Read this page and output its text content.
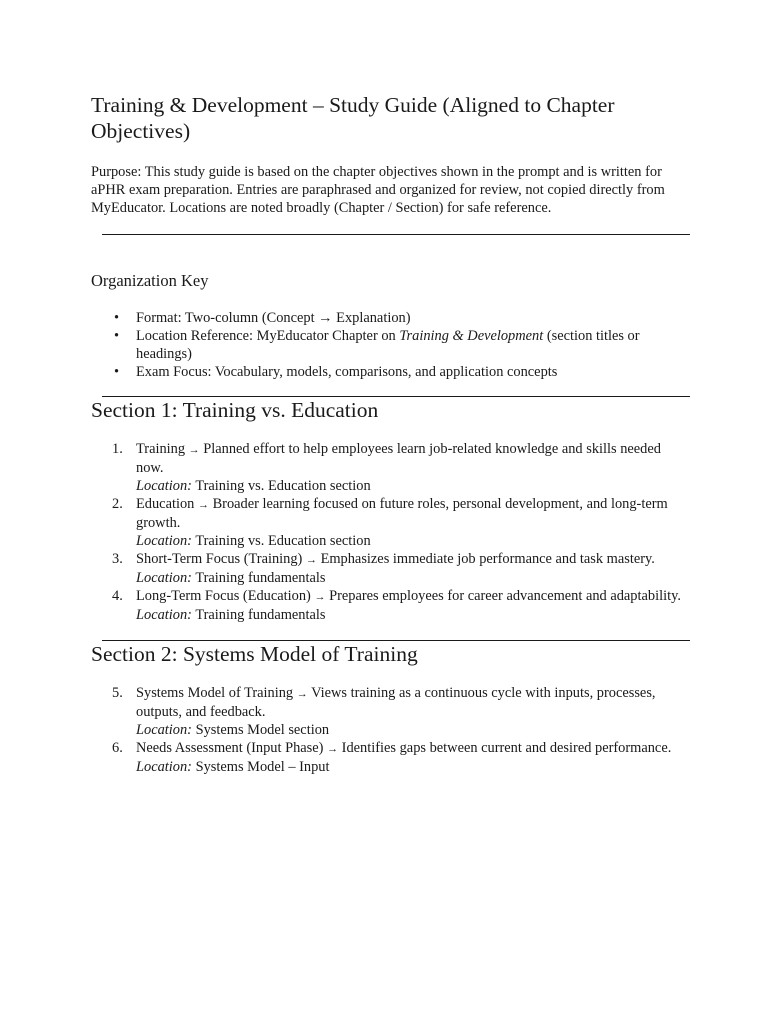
Training & Development – Study Guide (Aligned to Chapter Objectives)

Purpose: This study guide is based on the chapter objectives shown in the prompt and is written for aPHR exam preparation. Entries are paraphrased and organized for review, not copied directly from MyEducator. Locations are noted broadly (Chapter / Section) for safe reference.

Organization Key
• Format: Two-column (Concept → Explanation)
• Location Reference: MyEducator Chapter on Training & Development (section titles or headings)
• Exam Focus: Vocabulary, models, comparisons, and application concepts
Section 1: Training vs. Education
1. Training → Planned effort to help employees learn job-related knowledge and skills needed now.
Location: Training vs. Education section
2. Education → Broader learning focused on future roles, personal development, and long-term growth.
Location: Training vs. Education section
3. Short-Term Focus (Training) → Emphasizes immediate job performance and task mastery.
Location: Training fundamentals
4. Long-Term Focus (Education) → Prepares employees for career advancement and adaptability.
Location: Training fundamentals
Section 2: Systems Model of Training
5. Systems Model of Training → Views training as a continuous cycle with inputs, processes, outputs, and feedback.
Location: Systems Model section
6. Needs Assessment (Input Phase) → Identifies gaps between current and desired performance.
Location: Systems Model – Input
